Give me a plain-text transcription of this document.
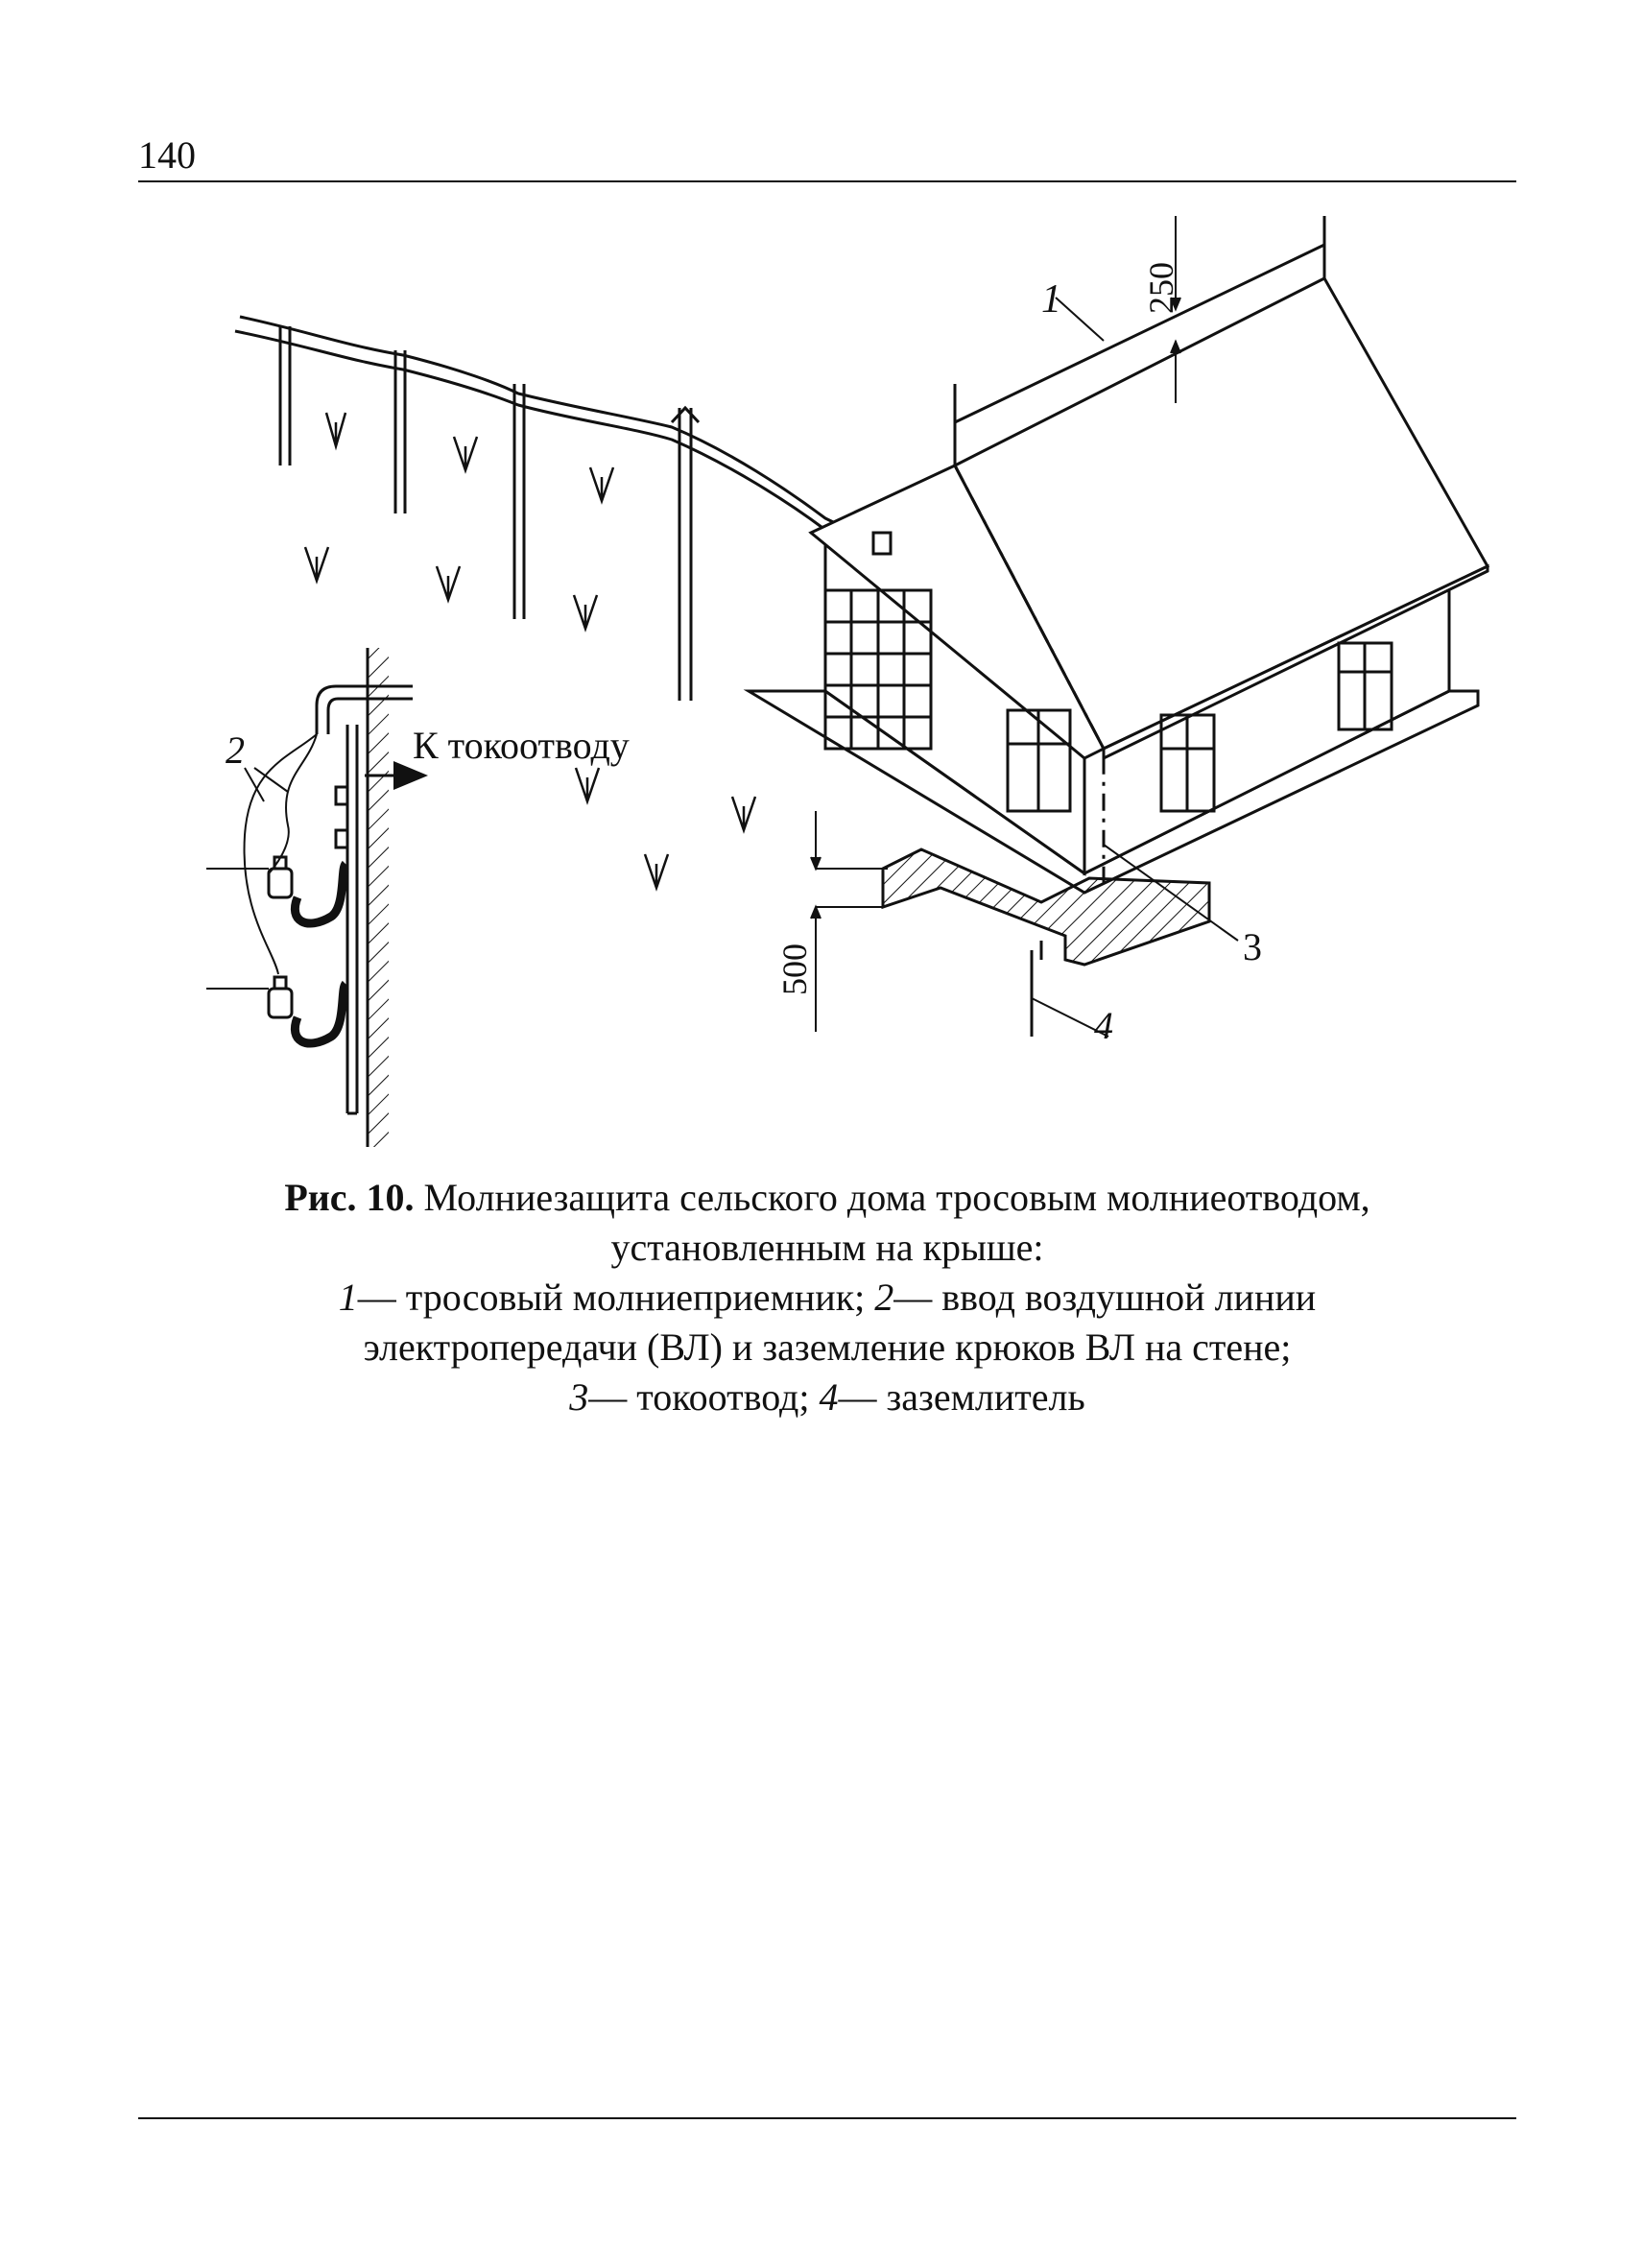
140
250
500
1
3
4
2	К токоотводу
Рис. 10. Молниезащита сельского дома тросовым молниеотводом,
установленным на крыше:
1— тросовый молниеприемник; 2— ввод воздушной линии
электропередачи (ВЛ) и заземление крюков ВЛ на стене;
3— токоотвод; 4— заземлитель
